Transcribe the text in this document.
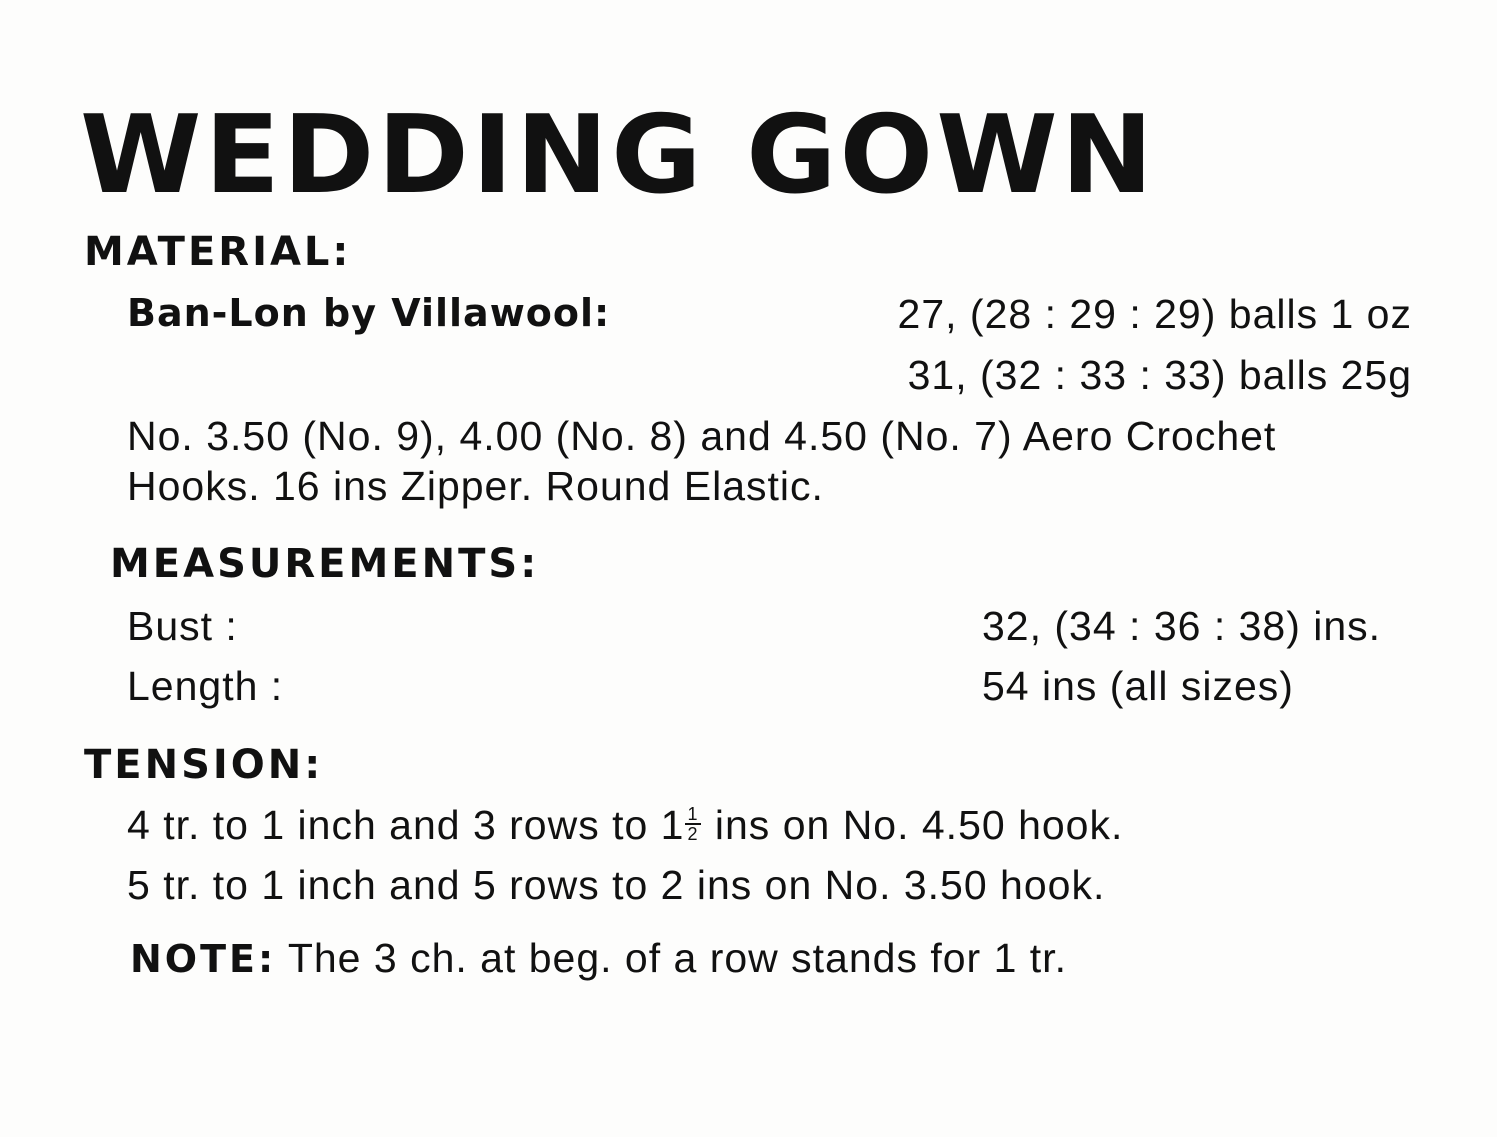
WEDDING GOWN
MATERIAL:
Ban-Lon by Villawool:	27, (28 : 29 : 29) balls 1 oz
31, (32 : 33 : 33) balls 25g
No. 3.50 (No. 9), 4.00 (No. 8) and 4.50 (No. 7) Aero Crochet
Hooks. 16 ins Zipper. Round Elastic.
MEASUREMENTS:
Bust :	32, (34 : 36 : 38) ins.
Length :	54 ins (all sizes)
TENSION:
4 tr. to 1 inch and 3 rows to $1 \frac{1}{2}$ ins on No. 4.50 hook.
5 tr. to 1 inch and 5 rows to 2 ins on No. 3.50 hook.
NOTE: The 3 ch. at beg. of a row stands for 1 tr.
